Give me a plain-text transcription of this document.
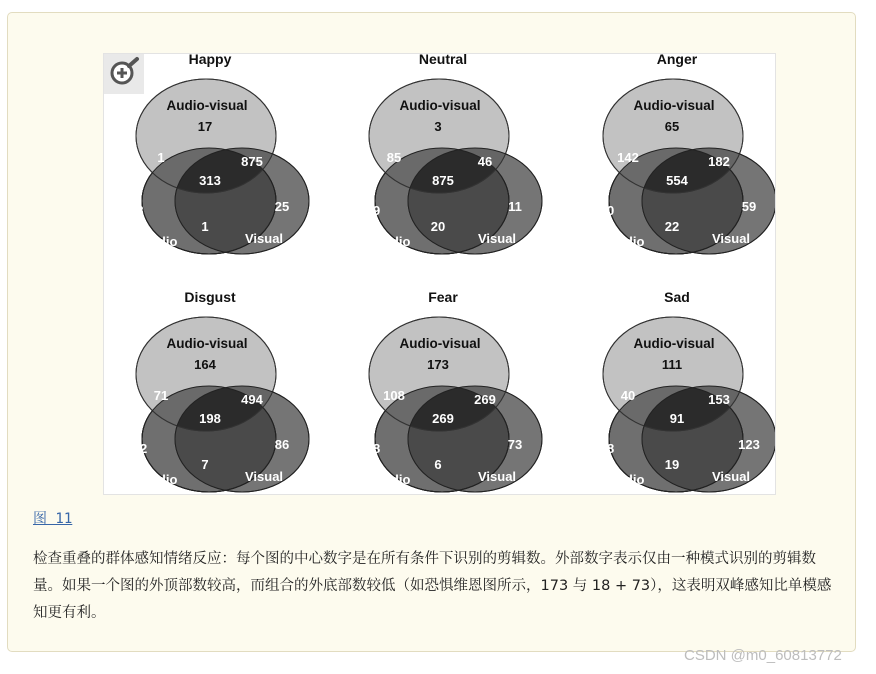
Happy
Audio-visual
17
1	875
313
3	25
1
Audio	Visual
Neutral
Audio-visual
3
85	46
875
19	11
20
Audio	Visual
Anger
Audio-visual
65
142	182
554
40	59
22
Audio	Visual
Disgust
Audio-visual
164
71	494
198
32	86
7
Audio	Visual
Fear
Audio-visual
173
108	269
269
18	73
6
Audio	Visual
Sad
Audio-visual
111
40	153
91
58	123
19
Audio	Visual
图 11
检查重叠的群体感知情绪反应：每个图的中心数字是在所有条件下识别的剪辑数。外部数字表示仅由一种模式识别的剪辑数量。如果一个图的外顶部数较高，而组合的外底部数较低（如恐惧维恩图所示，173 与 18 + 73），这表明双峰感知比单模感知更有利。
CSDN @m0_60813772
